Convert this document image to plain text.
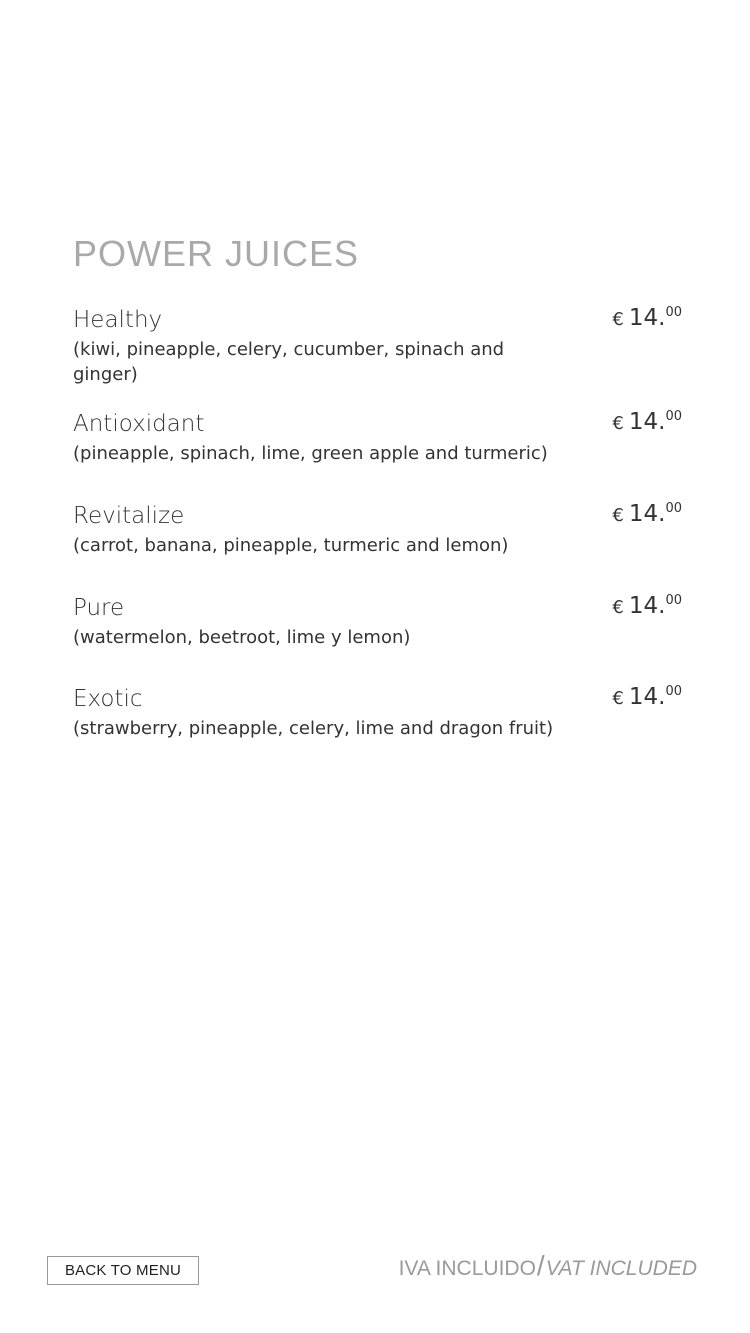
POWER JUICES
Healthy
(kiwi, pineapple, celery, cucumber, spinach and ginger)
€ 14.00
Antioxidant
(pineapple, spinach, lime, green apple and turmeric)
€ 14.00
Revitalize
(carrot, banana, pineapple, turmeric and lemon)
€ 14.00
Pure
(watermelon, beetroot, lime y lemon)
€ 14.00
Exotic
(strawberry, pineapple, celery, lime and dragon fruit)
€ 14.00
BACK TO MENU	IVA INCLUIDO/VAT INCLUDED
